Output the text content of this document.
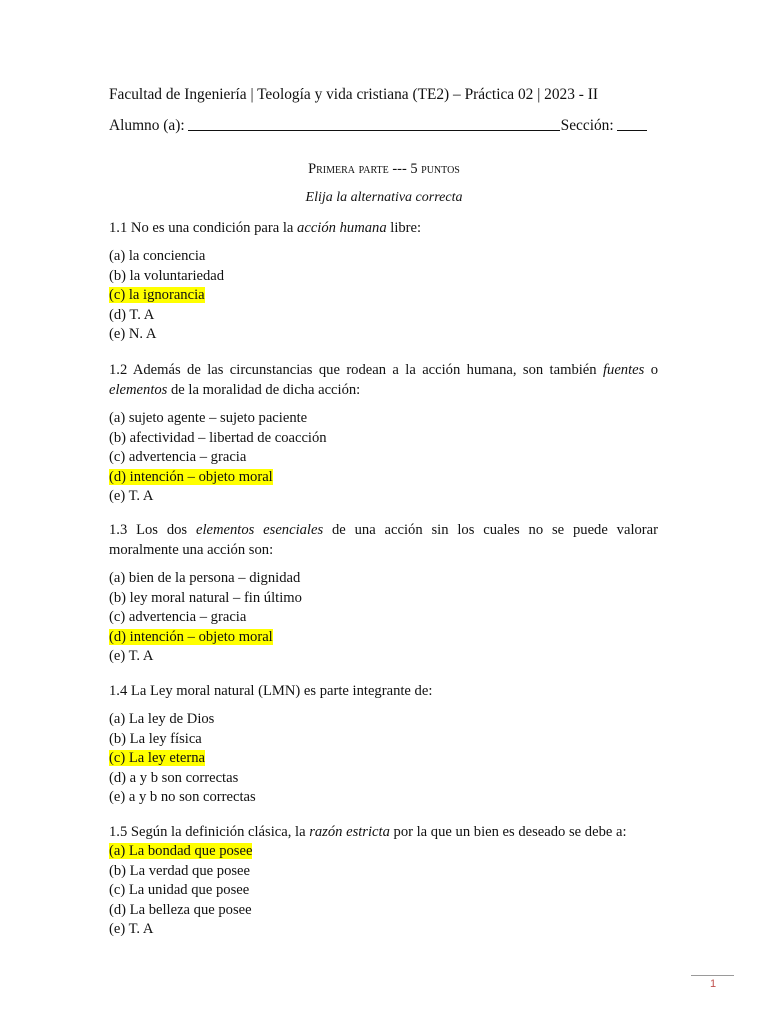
Facultad de Ingeniería | Teología y vida cristiana (TE2) – Práctica 02 | 2023 - II
Alumno (a):	Sección:
Primera parte --- 5 puntos
Elija la alternativa correcta
1.1 No es una condición para la acción humana libre:
(a) la conciencia
(b) la voluntariedad
(c) la ignorancia
(d) T. A
(e) N. A
1.2 Además de las circunstancias que rodean a la acción humana, son también fuentes o elementos de la moralidad de dicha acción:
(a) sujeto agente – sujeto paciente
(b) afectividad – libertad de coacción
(c) advertencia – gracia
(d) intención – objeto moral
(e) T. A
1.3 Los dos elementos esenciales de una acción sin los cuales no se puede valorar moralmente una acción son:
(a) bien de la persona – dignidad
(b) ley moral natural – fin último
(c) advertencia – gracia
(d) intención – objeto moral
(e) T. A
1.4 La Ley moral natural (LMN) es parte integrante de:
(a) La ley de Dios
(b) La ley física
(c) La ley eterna
(d) a y b son correctas
(e) a y b no son correctas
1.5 Según la definición clásica, la razón estricta por la que un bien es deseado se debe a:
(a) La bondad que posee
(b) La verdad que posee
(c) La unidad que posee
(d) La belleza que posee
(e) T. A
1
